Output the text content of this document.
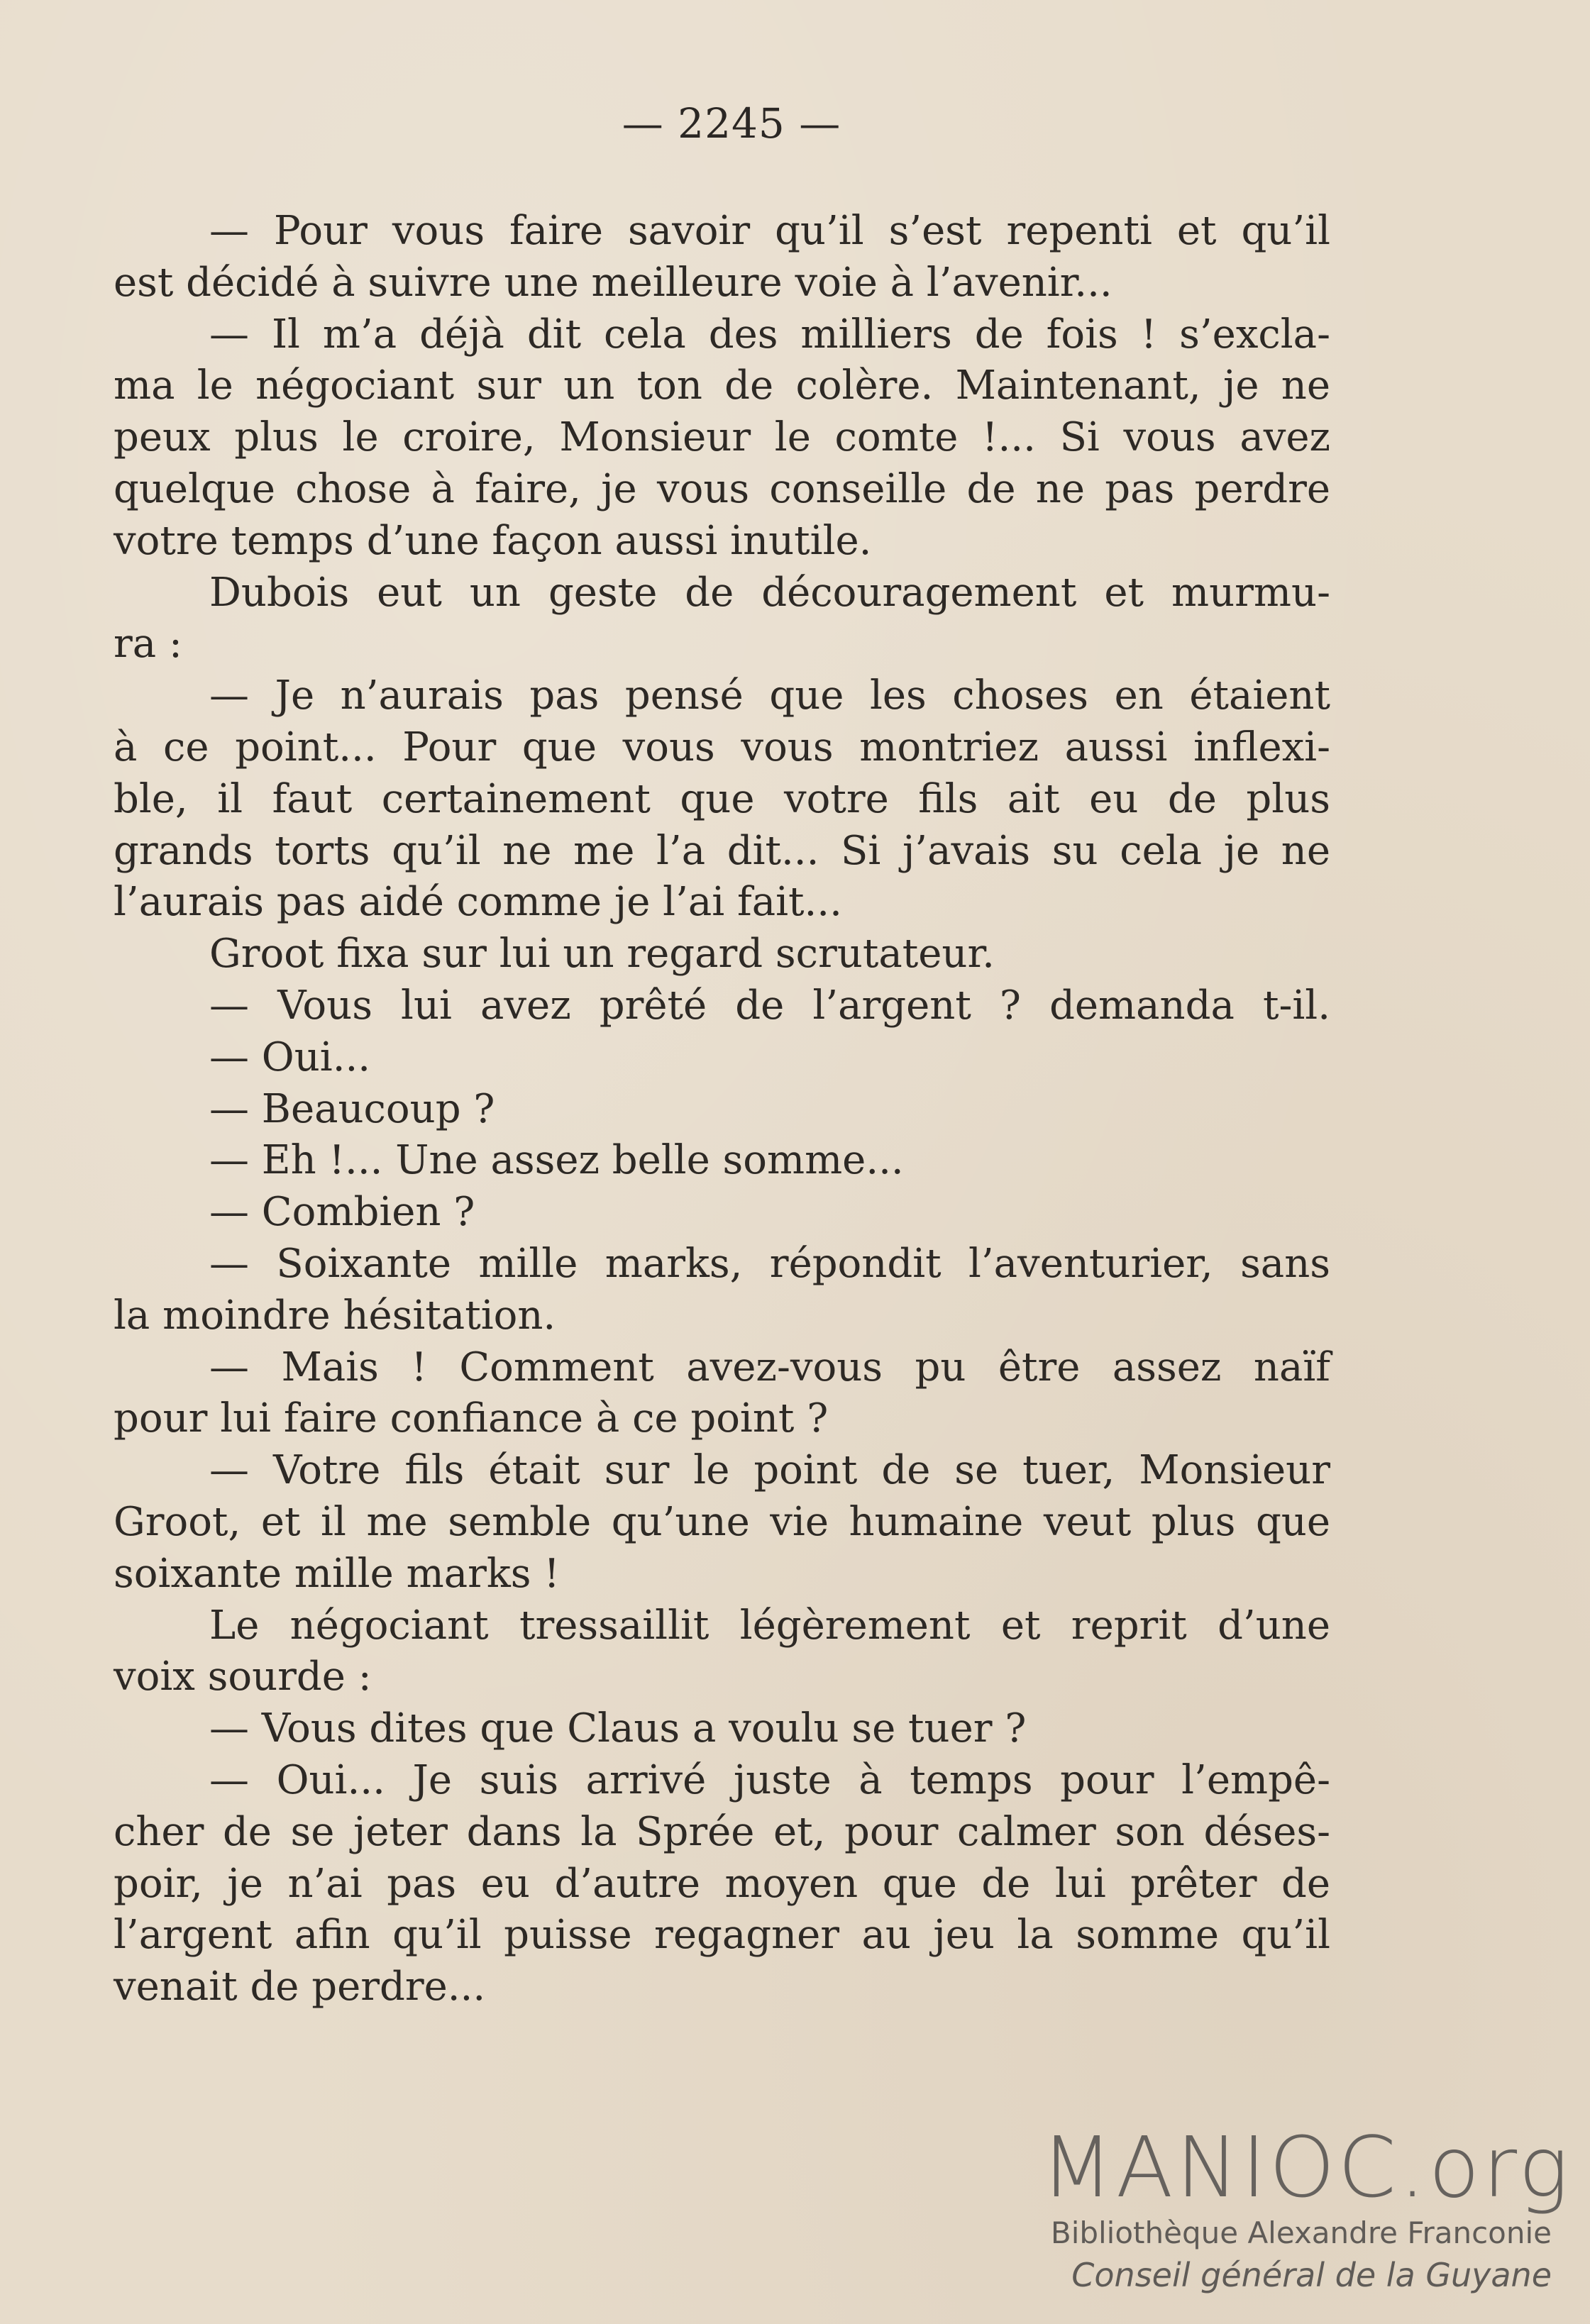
— 2245 —
— Pour vous faire savoir qu’il s’est repenti et qu’il
est décidé à suivre une meilleure voie à l’avenir...
— Il m’a déjà dit cela des milliers de fois ! s’excla-
ma le négociant sur un ton de colère. Maintenant, je ne
peux plus le croire, Monsieur le comte !... Si vous avez
quelque chose à faire, je vous conseille de ne pas perdre
votre temps d’une façon aussi inutile.
Dubois eut un geste de découragement et murmu-
ra :
— Je n’aurais pas pensé que les choses en étaient
à ce point... Pour que vous vous montriez aussi inflexi-
ble, il faut certainement que votre fils ait eu de plus
grands torts qu’il ne me l’a dit... Si j’avais su cela je ne
l’aurais pas aidé comme je l’ai fait...
Groot fixa sur lui un regard scrutateur.
— Vous lui avez prêté de l’argent ? demanda t-il.
— Oui...
— Beaucoup ?
— Eh !... Une assez belle somme...
— Combien ?
— Soixante mille marks, répondit l’aventurier, sans
la moindre hésitation.
— Mais ! Comment avez-vous pu être assez naïf
pour lui faire confiance à ce point ?
— Votre fils était sur le point de se tuer, Monsieur
Groot, et il me semble qu’une vie humaine veut plus que
soixante mille marks !
Le négociant tressaillit légèrement et reprit d’une
voix sourde :
— Vous dites que Claus a voulu se tuer ?
— Oui... Je suis arrivé juste à temps pour l’empê-
cher de se jeter dans la Sprée et, pour calmer son déses-
poir, je n’ai pas eu d’autre moyen que de lui prêter de
l’argent afin qu’il puisse regagner au jeu la somme qu’il
venait de perdre...
MANIOC.org
Bibliothèque Alexandre Franconie
Conseil général de la Guyane
